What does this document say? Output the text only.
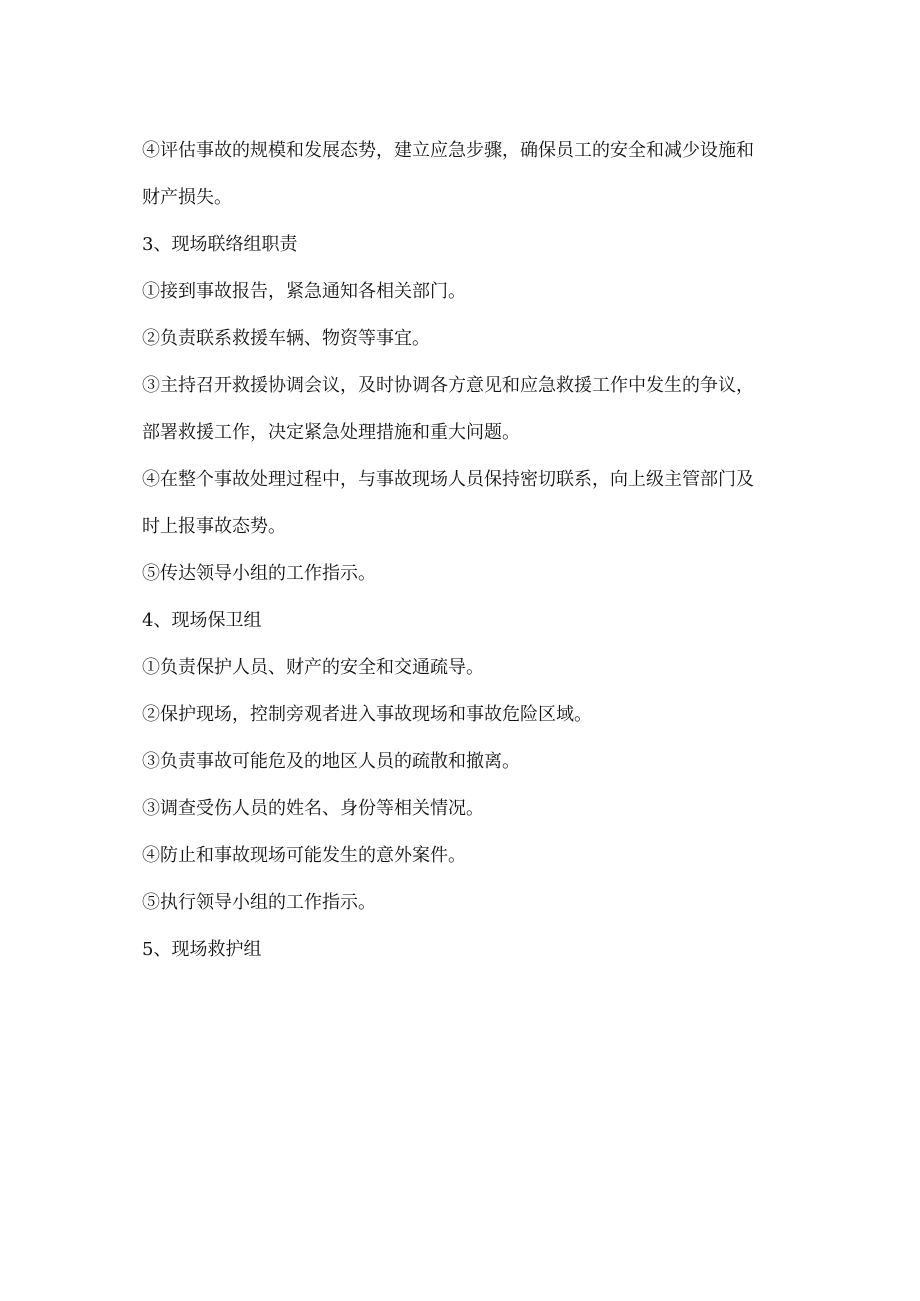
④评估事故的规模和发展态势，建立应急步骤，确保员工的安全和减少设施和

财产损失。

3、现场联络组职责

①接到事故报告，紧急通知各相关部门。

②负责联系救援车辆、物资等事宜。

③主持召开救援协调会议，及时协调各方意见和应急救援工作中发生的争议，

部署救援工作，决定紧急处理措施和重大问题。

④在整个事故处理过程中，与事故现场人员保持密切联系，向上级主管部门及

时上报事故态势。

⑤传达领导小组的工作指示。

4、现场保卫组

①负责保护人员、财产的安全和交通疏导。

②保护现场，控制旁观者进入事故现场和事故危险区域。

③负责事故可能危及的地区人员的疏散和撤离。

③调查受伤人员的姓名、身份等相关情况。

④防止和事故现场可能发生的意外案件。

⑤执行领导小组的工作指示。

5、现场救护组
